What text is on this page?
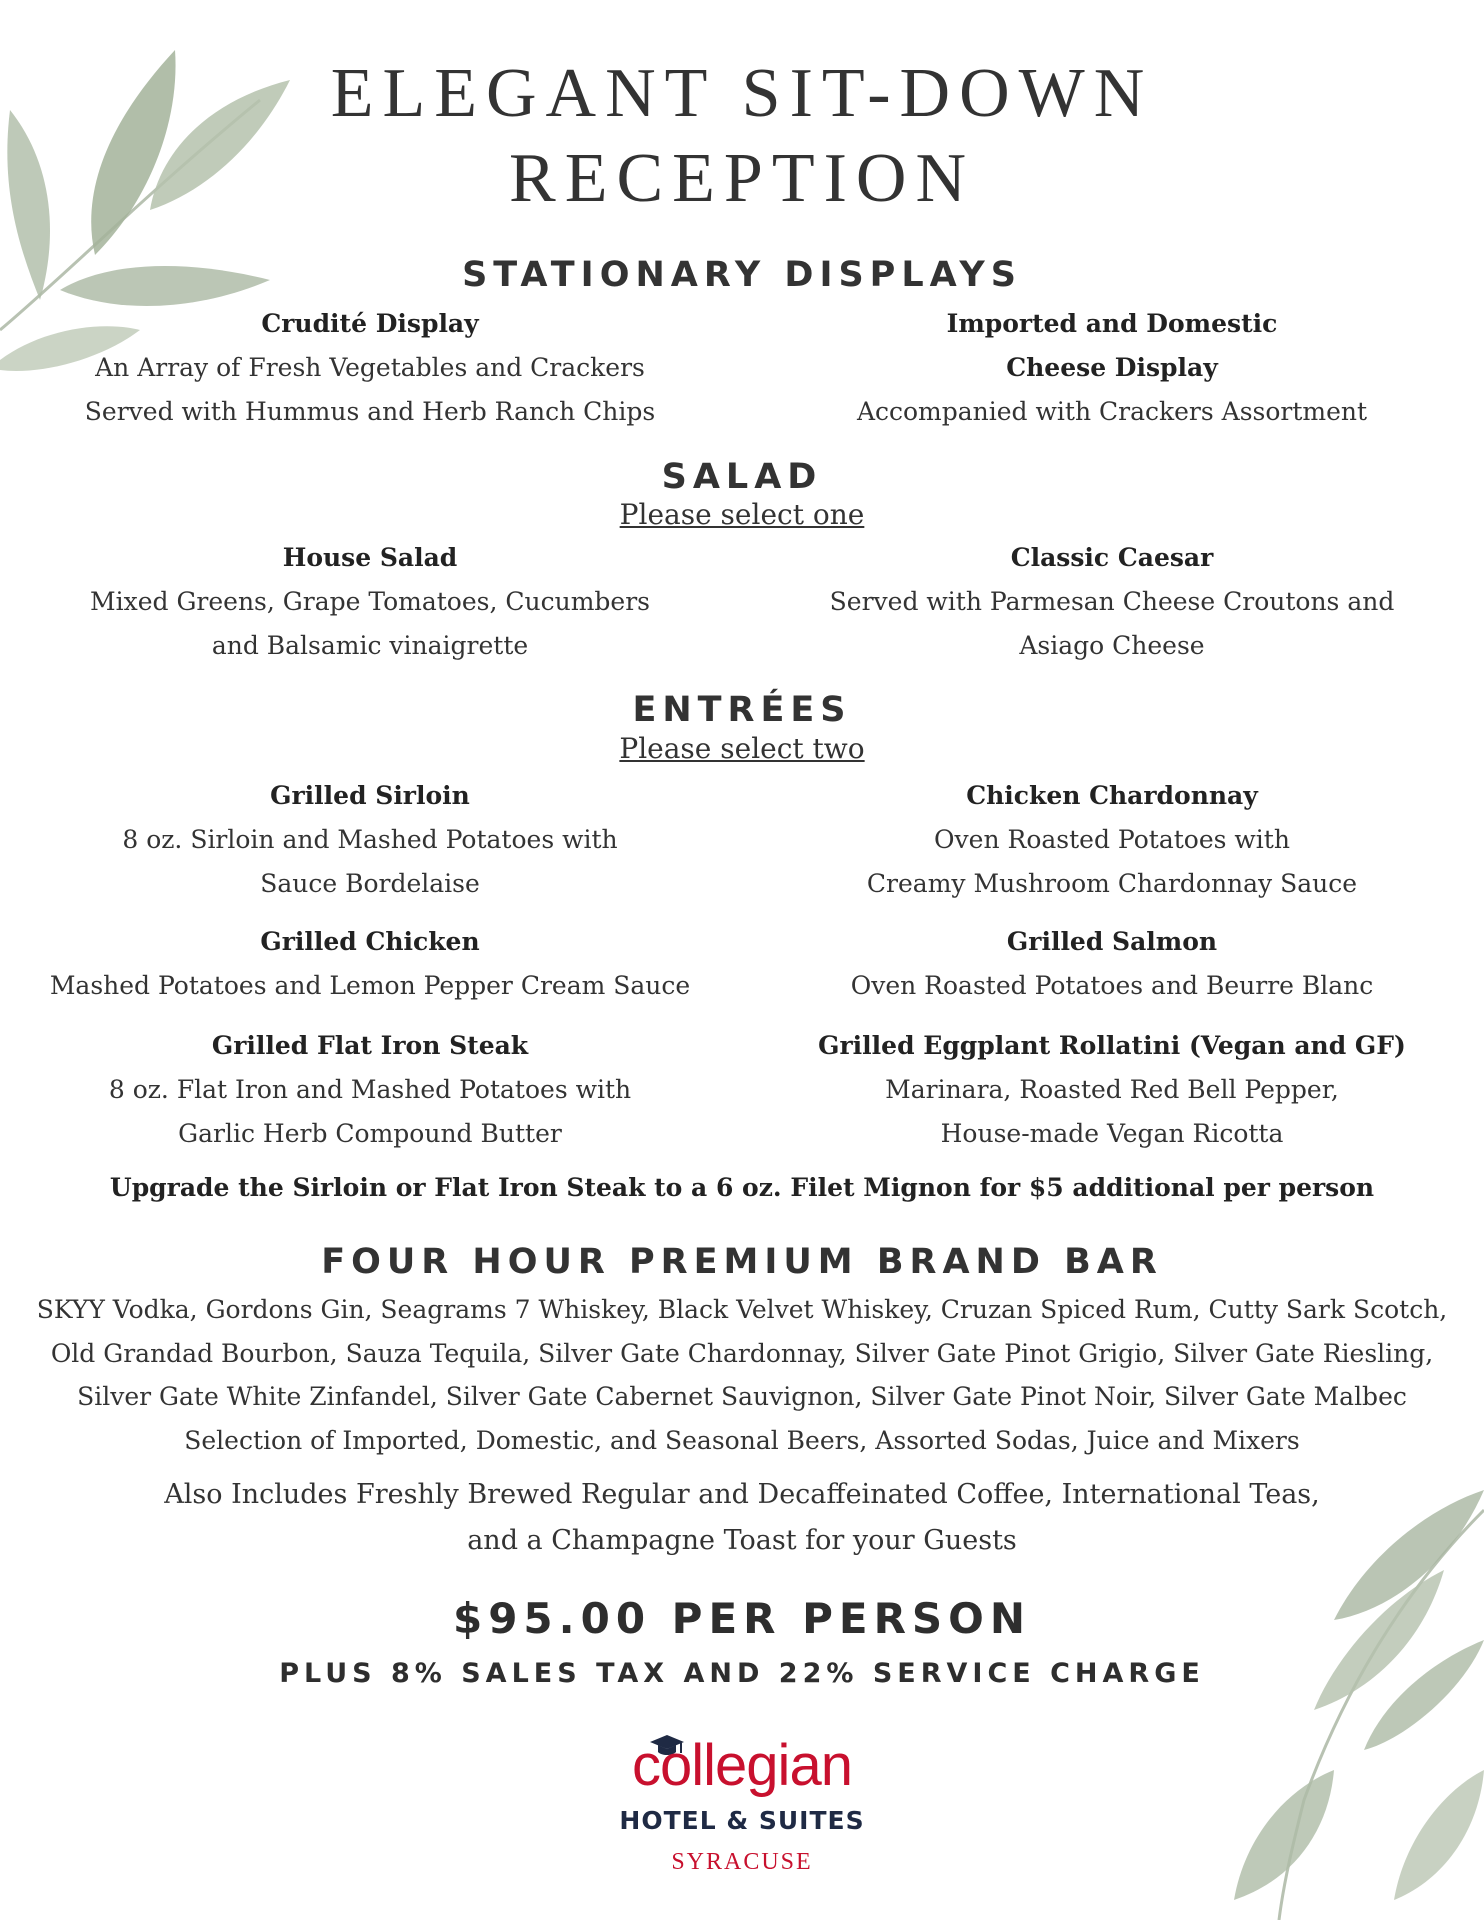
ELEGANT SIT-DOWN
RECEPTION
STATIONARY DISPLAYS
Crudité Display
An Array of Fresh Vegetables and Crackers
Served with Hummus and Herb Ranch Chips
Imported and Domestic
Cheese Display
Accompanied with Crackers Assortment
SALAD
Please select one
House Salad
Mixed Greens, Grape Tomatoes, Cucumbers
and Balsamic vinaigrette
Classic Caesar
Served with Parmesan Cheese Croutons and
Asiago Cheese
ENTRÉES
Please select two
Grilled Sirloin
8 oz. Sirloin and Mashed Potatoes with
Sauce Bordelaise
Chicken Chardonnay
Oven Roasted Potatoes with
Creamy Mushroom Chardonnay Sauce
Grilled Chicken
Mashed Potatoes and Lemon Pepper Cream Sauce
Grilled Salmon
Oven Roasted Potatoes and Beurre Blanc
Grilled Flat Iron Steak
8 oz. Flat Iron and Mashed Potatoes with
Garlic Herb Compound Butter
Grilled Eggplant Rollatini (Vegan and GF)
Marinara, Roasted Red Bell Pepper,
House-made Vegan Ricotta
Upgrade the Sirloin or Flat Iron Steak to a 6 oz. Filet Mignon for $5 additional per person
FOUR HOUR PREMIUM BRAND BAR
SKYY Vodka, Gordons Gin, Seagrams 7 Whiskey, Black Velvet Whiskey, Cruzan Spiced Rum, Cutty Sark Scotch,
Old Grandad Bourbon, Sauza Tequila, Silver Gate Chardonnay, Silver Gate Pinot Grigio, Silver Gate Riesling,
Silver Gate White Zinfandel, Silver Gate Cabernet Sauvignon, Silver Gate Pinot Noir, Silver Gate Malbec
Selection of Imported, Domestic, and Seasonal Beers, Assorted Sodas, Juice and Mixers
Also Includes Freshly Brewed Regular and Decaffeinated Coffee, International Teas,
and a Champagne Toast for your Guests
$95.00 PER PERSON
PLUS 8% SALES TAX AND 22% SERVICE CHARGE
collegian
HOTEL & SUITES
SYRACUSE
